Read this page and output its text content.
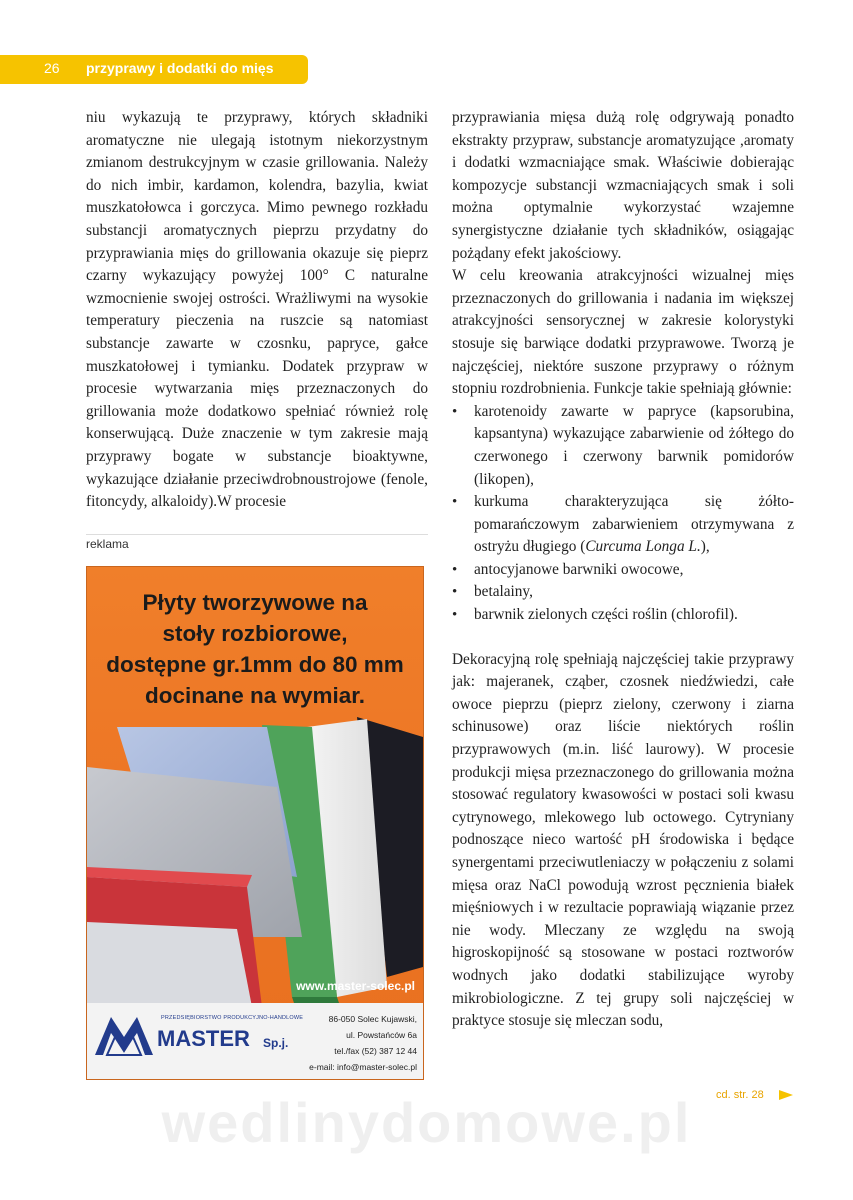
26 przyprawy i dodatki do mięs

niu wykazują te przyprawy, których składniki aromatyczne nie ulegają istotnym niekorzystnym zmianom destrukcyjnym w czasie grillowania. Należy do nich imbir, kardamon, kolendra, bazylia, kwiat muszkatołowca i gorczyca. Mimo pewnego rozkładu substancji aromatycznych pieprzu przydatny do przyprawiania mięs do grillowania okazuje się pieprz czarny wykazujący powyżej 100° C naturalne wzmocnienie swojej ostrości. Wrażliwymi na wysokie temperatury pieczenia na ruszcie są natomiast substancje zawarte w czosnku, papryce, gałce muszkatołowej i tymianku. Dodatek przypraw w procesie wytwarzania mięs przeznaczonych do grillowania może dodatkowo spełniać również rolę konserwującą. Duże znaczenie w tym zakresie mają przyprawy bogate w substancje bioaktywne, wykazujące działanie przeciwdrobnoustrojowe (fenole, fitoncydy, alkaloidy).W procesie

reklama
Płyty tworzywowe na
stoły rozbiorowe,
dostępne gr.1mm do 80 mm
docinane na wymiar.
www.master-solec.pl
PRZEDSIĘBIORSTWO PRODUKCYJNO-HANDLOWE
MASTER Sp.j.
86-050 Solec Kujawski,
ul. Powstańców 6a
tel./fax (52) 387 12 44
e-mail: info@master-solec.pl

przyprawiania mięsa dużą rolę odgrywają ponadto ekstrakty przypraw, substancje aromatyzujące ,aromaty i dodatki wzmacniające smak. Właściwie dobierając kompozycje substancji wzmacniających smak i soli można optymalnie wykorzystać wzajemne synergistyczne działanie tych składników, osiągając pożądany efekt jakościowy.

W celu kreowania atrakcyjności wizualnej mięs przeznaczonych do grillowania i nadania im większej atrakcyjności sensorycznej w zakresie kolorystyki stosuje się barwiące dodatki przyprawowe. Tworzą je najczęściej, niektóre suszone przyprawy o różnym stopniu rozdrobnienia. Funkcje takie spełniają głównie:

• karotenoidy zawarte w papryce (kapsorubina, kapsantyna) wykazujące zabarwienie od żółtego do czerwonego i czerwony barwnik pomidorów (likopen),
• kurkuma charakteryzująca się żółto- pomarańczowym zabarwieniem otrzymywana z ostryżu długiego (Curcuma Longa L.),
• antocyjanowe barwniki owocowe,
• betalainy,
• barwnik zielonych części roślin (chlorofil).

Dekoracyjną rolę spełniają najczęściej takie przyprawy jak: majeranek, cząber, czosnek niedźwiedzi, całe owoce pieprzu (pieprz zielony, czerwony i ziarna schinusowe) oraz liście niektórych roślin przyprawowych (m.in. liść laurowy). W procesie produkcji mięsa przeznaczonego do grillowania można stosować regulatory kwasowości w postaci soli kwasu cytrynowego, mlekowego lub octowego. Cytryniany podnoszące nieco wartość pH środowiska i będące synergentami przeciwutleniaczy w połączeniu z solami mięsa oraz NaCl powodują wzrost pęcznienia białek mięśniowych i w rezultacie poprawiają wiązanie przez nie wody. Mleczany ze względu na swoją higroskopijność są stosowane w postaci roztworów wodnych jako dodatki stabilizujące wyroby mikrobiologiczne. Z tej grupy soli najczęściej w praktyce stosuje się mleczan sodu,

cd. str. 28
wedlinydomowe.pl
